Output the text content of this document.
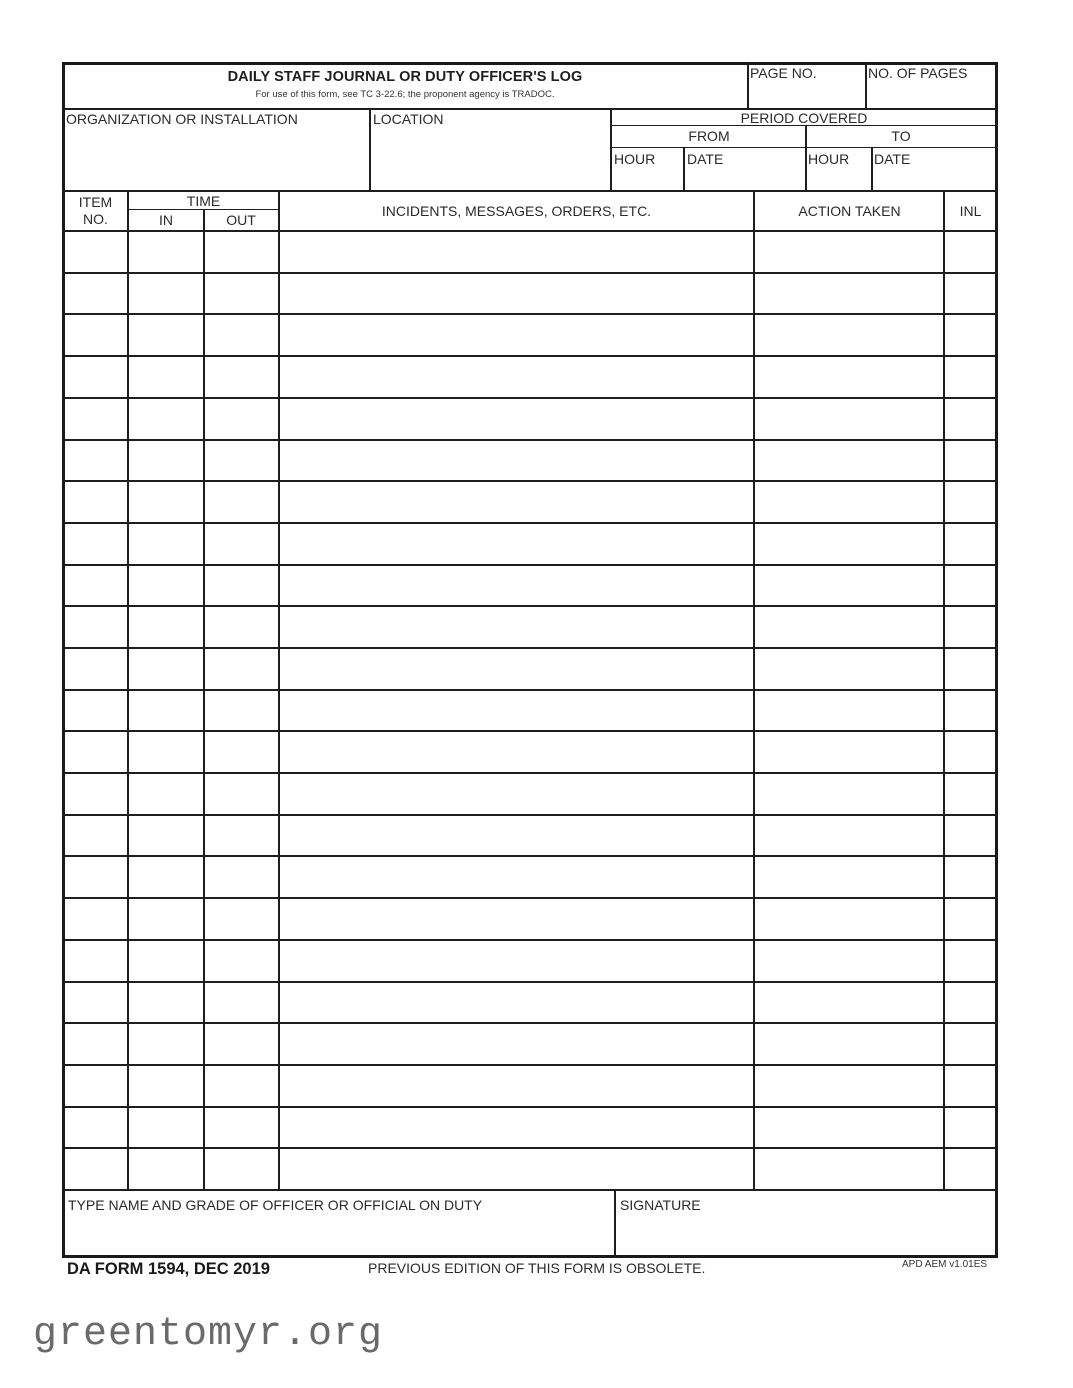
DAILY STAFF JOURNAL OR DUTY OFFICER'S LOG
For use of this form, see TC 3-22.6; the proponent agency is TRADOC.
PAGE NO.	NO. OF PAGES
ORGANIZATION OR INSTALLATION	LOCATION	PERIOD COVERED
FROM	TO
HOUR DATE	HOUR DATE
ITEM
NO.
TIME
IN	OUT
INCIDENTS, MESSAGES, ORDERS, ETC.	ACTION TAKEN	INL
TYPE NAME AND GRADE OF OFFICER OR OFFICIAL ON DUTY	SIGNATURE
DA FORM 1594, DEC 2019	PREVIOUS EDITION OF THIS FORM IS OBSOLETE.	APD AEM v1.01ES
greentomyr.org
